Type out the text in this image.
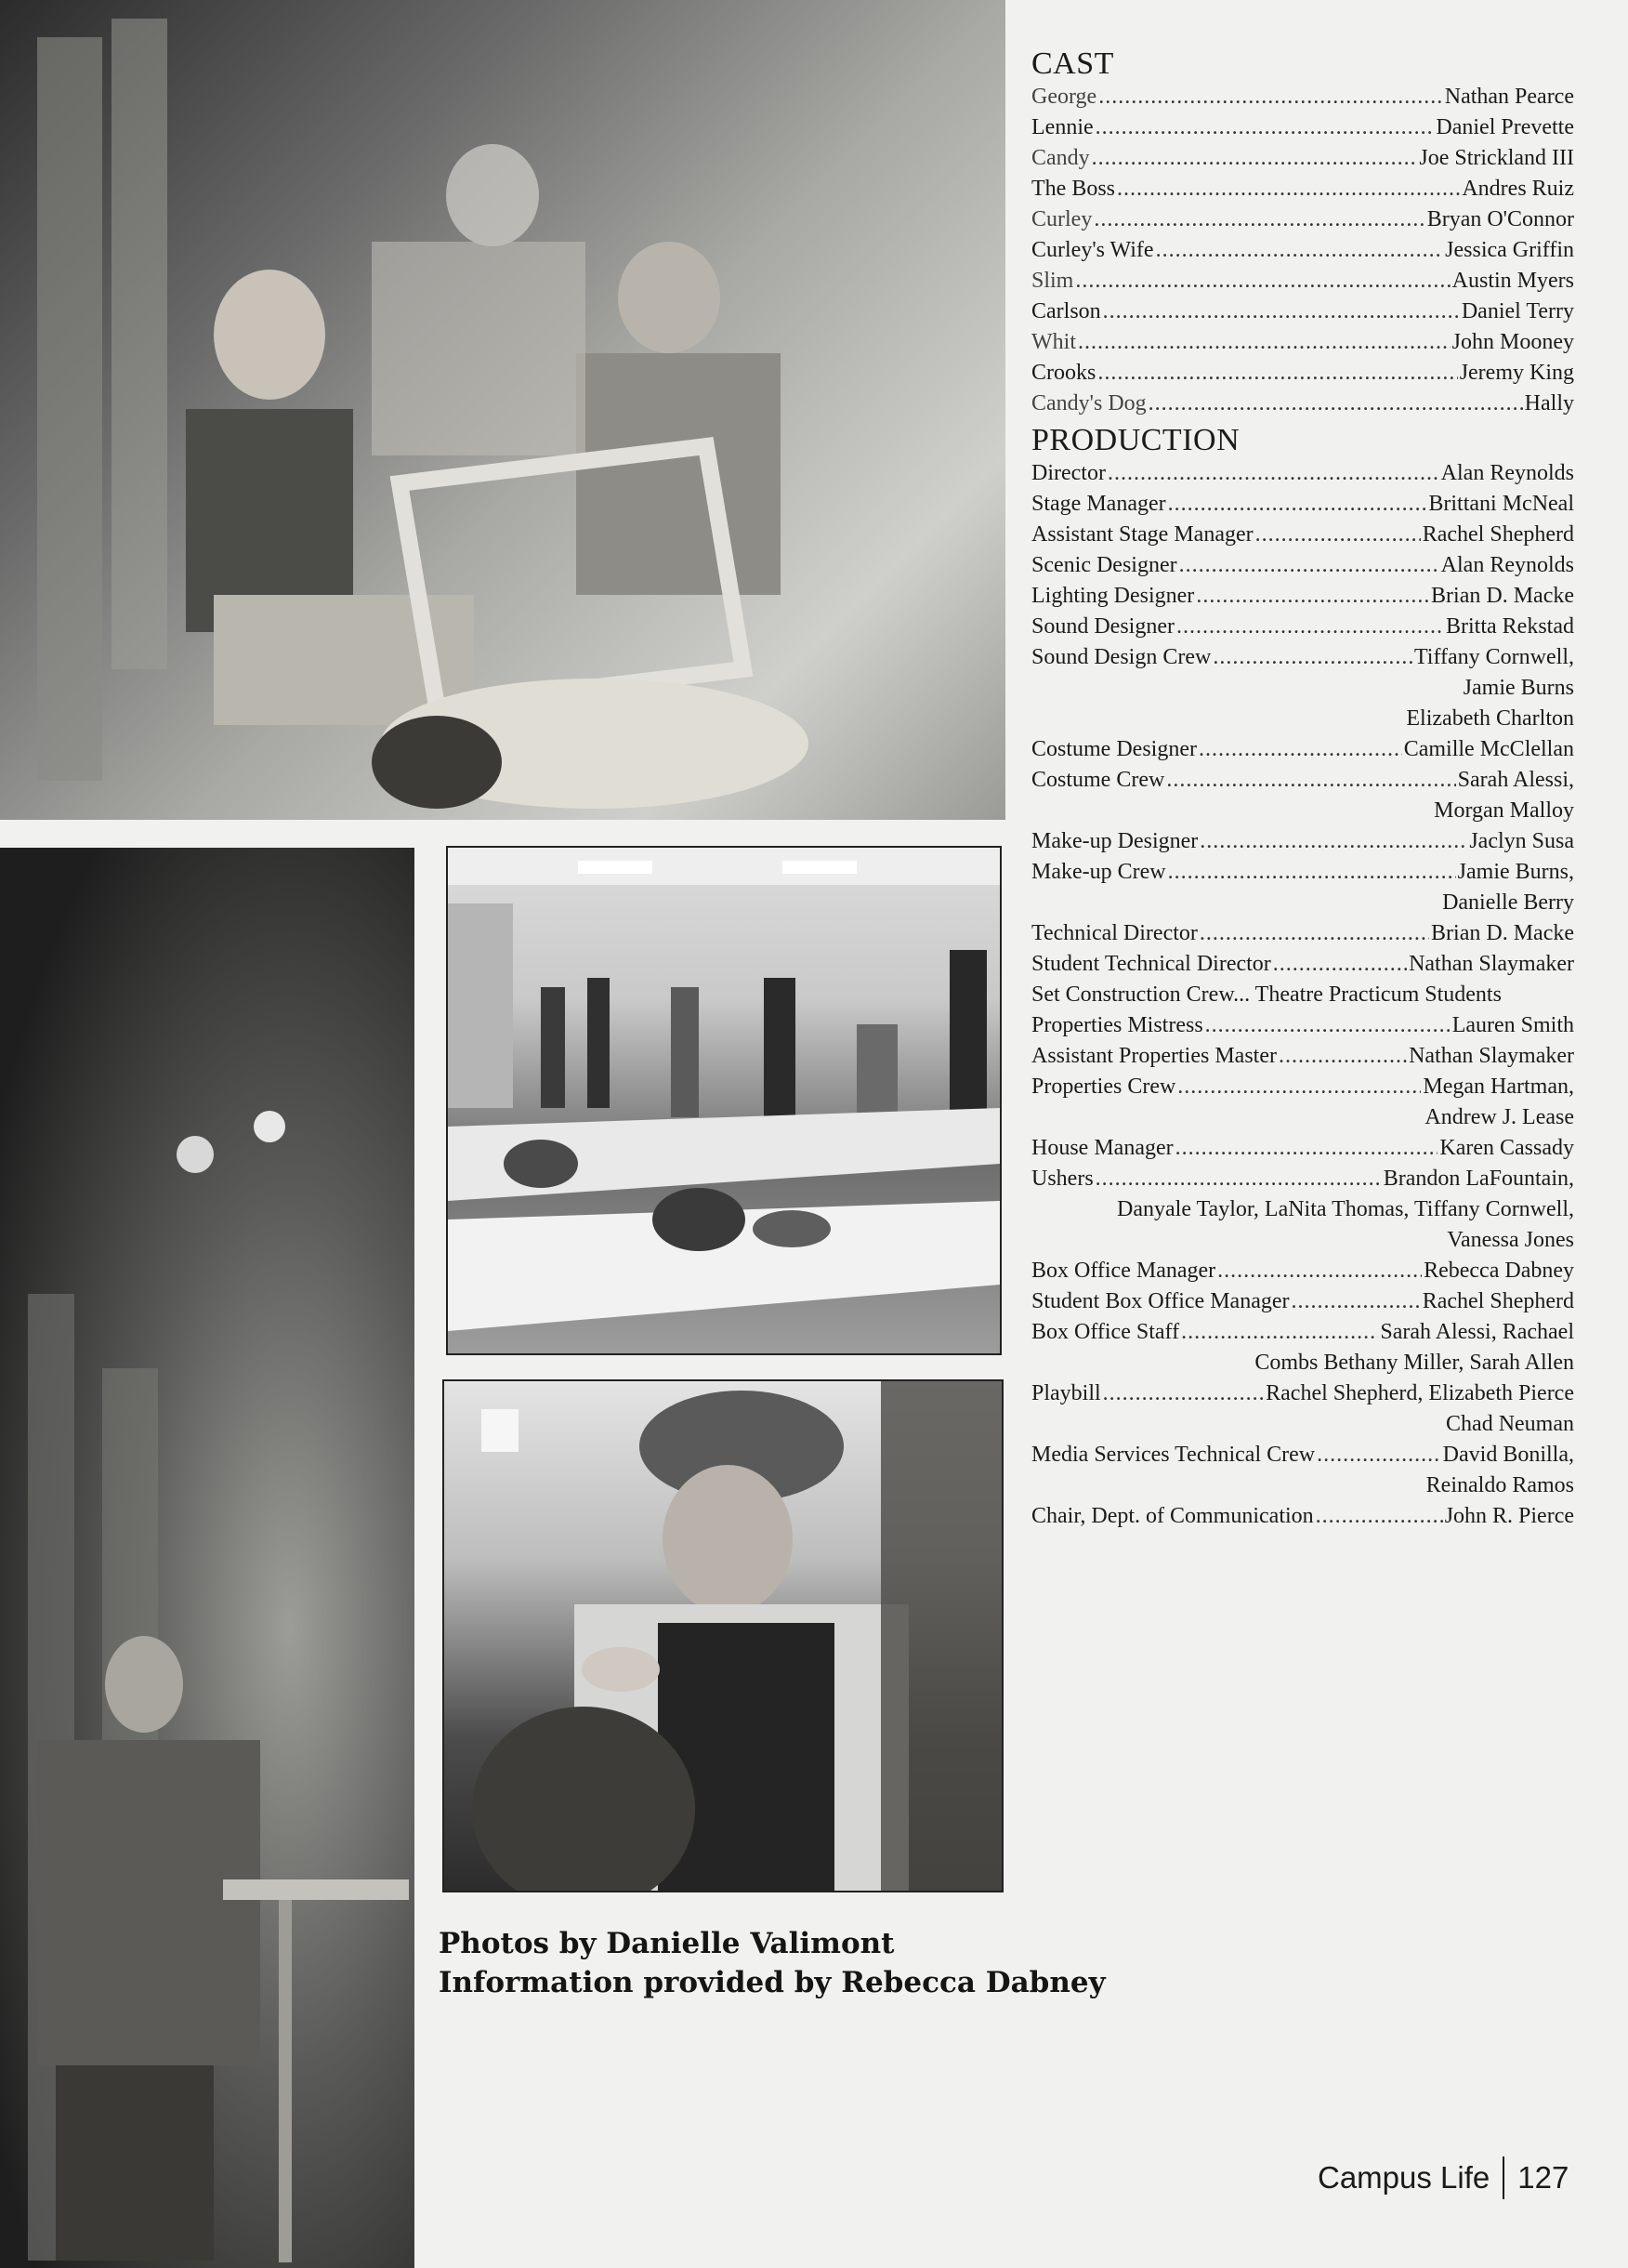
CAST
George .....	Nathan Pearce
Lennie .....	Daniel Prevette
Candy .....	Joe Strickland III
The Boss .....	Andres Ruiz
Curley .....	Bryan O'Connor
Curley's Wife .....	Jessica Griffin
Slim .....	Austin Myers
Carlson .....	Daniel Terry
Whit .....	John Mooney
Crooks .....	Jeremy King
Candy's Dog .....	Hally
PRODUCTION
Director .....	Alan Reynolds
Stage Manager .....	Brittani McNeal
Assistant Stage Manager .....	Rachel Shepherd
Scenic Designer .....	Alan Reynolds
Lighting Designer .....	Brian D. Macke
Sound Designer .....	Britta Rekstad
Sound Design Crew .....	Tiffany Cornwell,
Jamie Burns
Elizabeth Charlton
Costume Designer .....	Camille McClellan
Costume Crew .....	Sarah Alessi,
Morgan Malloy
Make-up Designer .....	Jaclyn Susa
Make-up Crew .....	Jamie Burns,
Danielle Berry
Technical Director .....	Brian D. Macke
Student Technical Director .....	Nathan Slaymaker
Set Construction Crew... Theatre Practicum Students
Properties Mistress .....	Lauren Smith
Assistant Properties Master .....	Nathan Slaymaker
Properties Crew .....	Megan Hartman,
Andrew J. Lease
House Manager .....	Karen Cassady
Ushers .....	Brandon LaFountain,
Danyale Taylor, LaNita Thomas, Tiffany Cornwell,
Vanessa Jones
Box Office Manager .....	Rebecca Dabney
Student Box Office Manager .....	Rachel Shepherd
Box Office Staff .....	Sarah Alessi, Rachael
Combs Bethany Miller, Sarah Allen
Playbill .....	Rachel Shepherd, Elizabeth Pierce
Chad Neuman
Media Services Technical Crew .....	David Bonilla,
Reinaldo Ramos
Chair, Dept. of Communication .....	John R. Pierce
Photos by Danielle Valimont
Information provided by Rebecca Dabney
Campus Life 127
